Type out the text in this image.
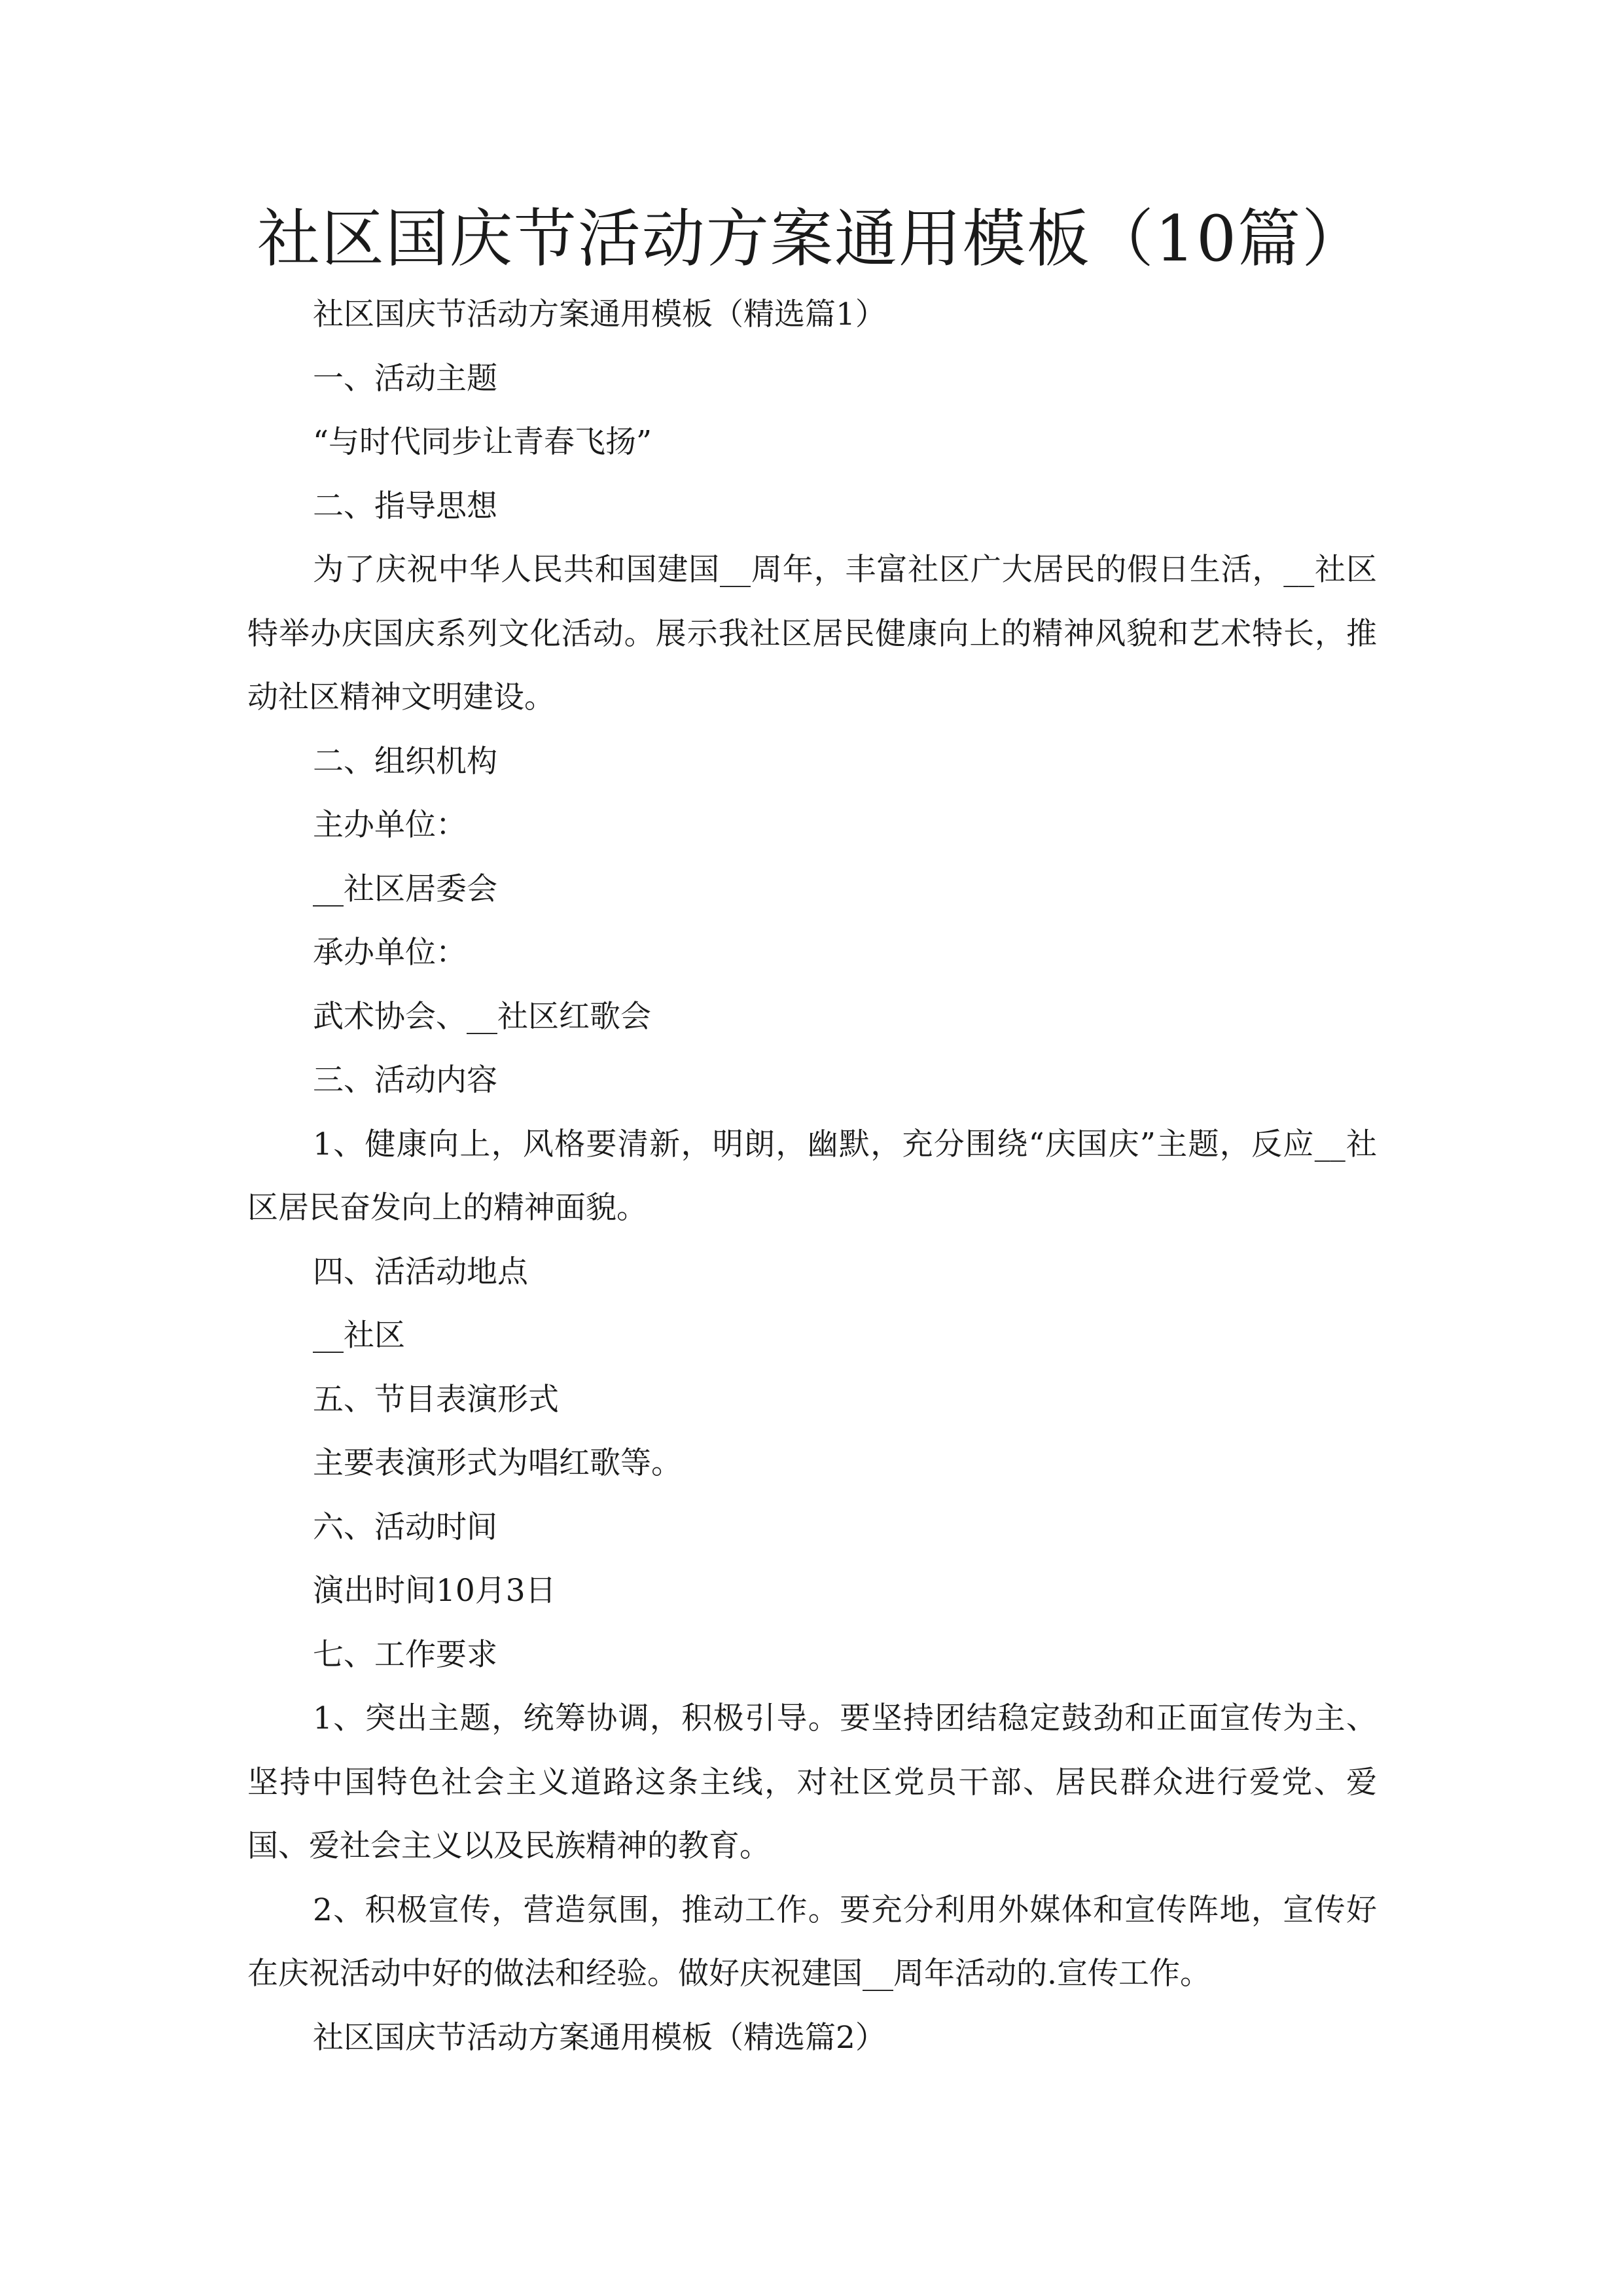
社区国庆节活动方案通用模板（10篇）

社区国庆节活动方案通用模板（精选篇1）

一、活动主题

“与时代同步让青春飞扬”

二、指导思想

为了庆祝中华人民共和国建国__周年，丰富社区广大居民的假日生活，__社区特举办庆国庆系列文化活动。展示我社区居民健康向上的精神风貌和艺术特长，推动社区精神文明建设。

二、组织机构

主办单位：

__社区居委会

承办单位：

武术协会、__社区红歌会

三、活动内容

1、健康向上，风格要清新，明朗，幽默，充分围绕“庆国庆”主题，反应__社区居民奋发向上的精神面貌。

四、活活动地点

__社区

五、节目表演形式

主要表演形式为唱红歌等。

六、活动时间

演出时间10月3日

七、工作要求

1、突出主题，统筹协调，积极引导。要坚持团结稳定鼓劲和正面宣传为主、坚持中国特色社会主义道路这条主线，对社区党员干部、居民群众进行爱党、爱国、爱社会主义以及民族精神的教育。

2、积极宣传，营造氛围，推动工作。要充分利用外媒体和宣传阵地，宣传好在庆祝活动中好的做法和经验。做好庆祝建国__周年活动的.宣传工作。

社区国庆节活动方案通用模板（精选篇2）
